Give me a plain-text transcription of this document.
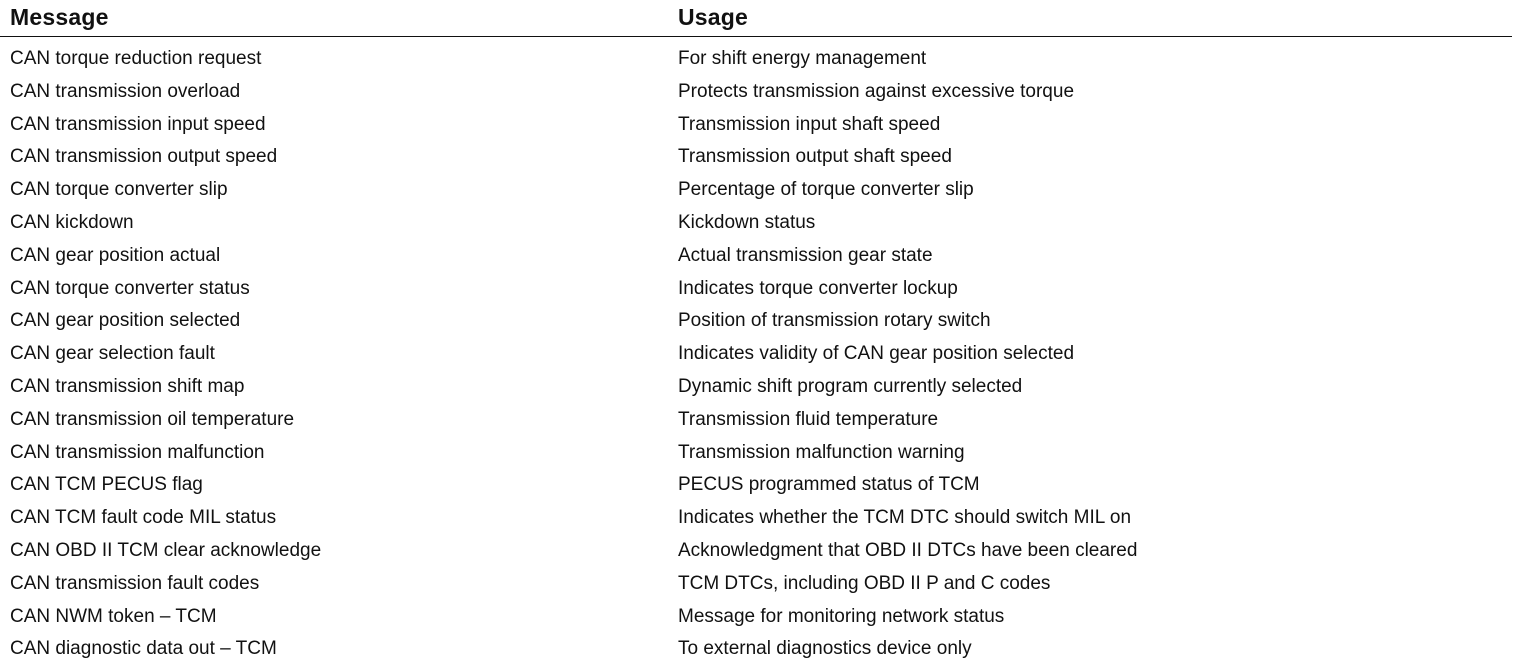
Message	Usage
CAN torque reduction request	For shift energy management
CAN transmission overload	Protects transmission against excessive torque
CAN transmission input speed	Transmission input shaft speed
CAN transmission output speed	Transmission output shaft speed
CAN torque converter slip	Percentage of torque converter slip
CAN kickdown	Kickdown status
CAN gear position actual	Actual transmission gear state
CAN torque converter status	Indicates torque converter lockup
CAN gear position selected	Position of transmission rotary switch
CAN gear selection fault	Indicates validity of CAN gear position selected
CAN transmission shift map	Dynamic shift program currently selected
CAN transmission oil temperature	Transmission fluid temperature
CAN transmission malfunction	Transmission malfunction warning
CAN TCM PECUS flag	PECUS programmed status of TCM
CAN TCM fault code MIL status	Indicates whether the TCM DTC should switch MIL on
CAN OBD II TCM clear acknowledge	Acknowledgment that OBD II DTCs have been cleared
CAN transmission fault codes	TCM DTCs, including OBD II P and C codes
CAN NWM token – TCM	Message for monitoring network status
CAN diagnostic data out – TCM	To external diagnostics device only
